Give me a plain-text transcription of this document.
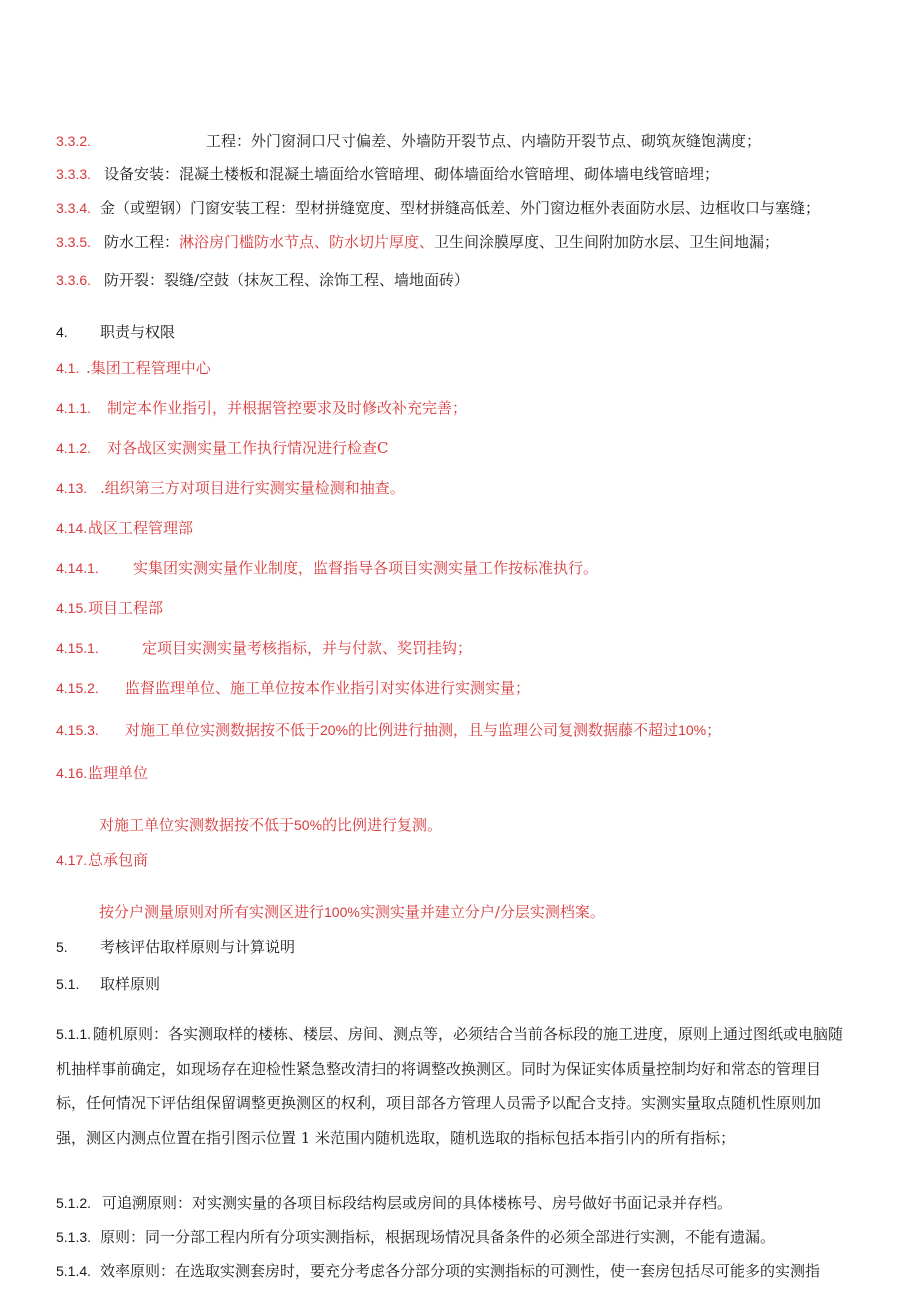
3.3.2.	工程：外门窗洞口尺寸偏差、外墙防开裂节点、内墙防开裂节点、砌筑灰缝饱满度；
3.3.3. 设备安装：混凝土楼板和混凝土墙面给水管暗埋、砌体墙面给水管暗埋、砌体墙电线管暗埋；
3.3.4. 金（或塑钢）门窗安装工程：型材拼缝宽度、型材拼缝高低差、外门窗边框外表面防水层、边框收口与塞缝；
3.3.5. 防水工程：淋浴房门槛防水节点、防水切片厚度、卫生间涂膜厚度、卫生间附加防水层、卫生间地漏；
3.3.6. 防开裂：裂缝/空鼓（抹灰工程、涂饰工程、墙地面砖）
4. 职责与权限
4.1. .集团工程管理中心
4.1.1. 制定本作业指引，并根据管控要求及时修改补充完善；
4.1.2. 对各战区实测实量工作执行情况进行检查C
4.13. .组织第三方对项目进行实测实量检测和抽查。
4.14.战区工程管理部
4.14.1. 实集团实测实量作业制度，监督指导各项目实测实量工作按标准执行。
4.15.项目工程部
4.15.1.	定项目实测实量考核指标，并与付款、奖罚挂钩；
4.15.2. 监督监理单位、施工单位按本作业指引对实体进行实测实量；
4.15.3. 对施工单位实测数据按不低于20%的比例进行抽测，且与监理公司复测数据藤不超过10%；
4.16.监理单位
对施工单位实测数据按不低于50%的比例进行复测。
4.17.总承包商
按分户测量原则对所有实测区进行100%实测实量并建立分户/分层实测档案。
5. 考核评估取样原则与计算说明
5.1. 取样原则
5.1.1. 随机原则：各实测取样的楼栋、楼层、房间、测点等，必须结合当前各标段的施工进度，原则上通过图纸或电脑随机抽样事前确定，如现场存在迎检性紧急整改清扫的将调整改换测区。同时为保证实体质量控制均好和常态的管理目标，任何情况下评估组保留调整更换测区的权利，项目部各方管理人员需予以配合支持。实测实量取点随机性原则加强，测区内测点位置在指引图示位置 1 米范围内随机选取，随机选取的指标包括本指引内的所有指标；
5.1.2. 可追溯原则：对实测实量的各项目标段结构层或房间的具体楼栋号、房号做好书面记录并存档。
5.1.3. 原则：同一分部工程内所有分项实测指标，根据现场情况具备条件的必须全部进行实测，不能有遗漏。
5.1.4. 效率原则：在选取实测套房时，要充分考虑各分部分项的实测指标的可测性，使一套房包括尽可能多的实测指
